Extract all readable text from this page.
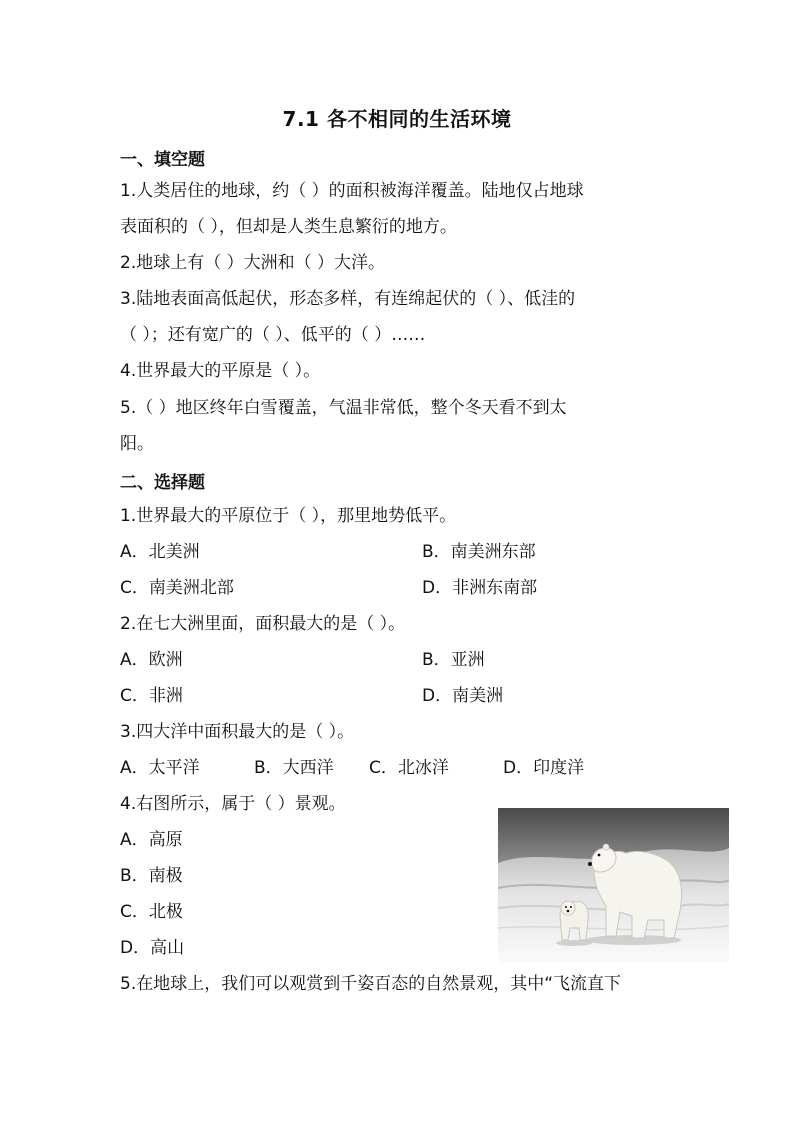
7.1 各不相同的生活环境
一、填空题
1.人类居住的地球，约（ ）的面积被海洋覆盖。陆地仅占地球
表面积的（ ），但却是人类生息繁衍的地方。
2.地球上有（ ）大洲和（ ）大洋。
3.陆地表面高低起伏，形态多样，有连绵起伏的（ ）、低洼的
（ ）；还有宽广的（ ）、低平的（ ）……
4.世界最大的平原是（ ）。
5.（ ）地区终年白雪覆盖，气温非常低，整个冬天看不到太
阳。
二、选择题
1.世界最大的平原位于（ ），那里地势低平。
A．北美洲	B．南美洲东部
C．南美洲北部	D．非洲东南部
2.在七大洲里面，面积最大的是（ ）。
A．欧洲	B．亚洲
C．非洲	D．南美洲
3.四大洋中面积最大的是（ ）。
A．太平洋	B．大西洋 C．北冰洋	D．印度洋
4.右图所示，属于（ ）景观。
A．高原
B．南极
C．北极
D．高山
5.在地球上，我们可以观赏到千姿百态的自然景观，其中“飞流直下
